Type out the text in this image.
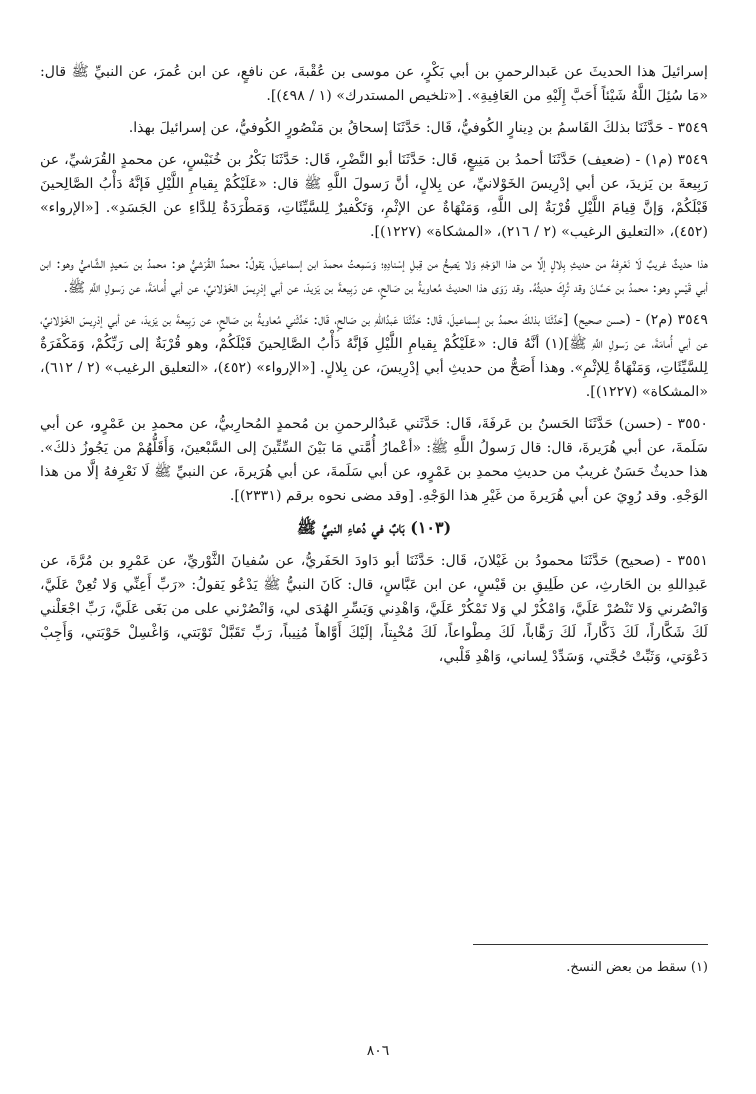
إسرائيلَ هذا الحديثَ عن عَبدالرحمنِ بن أبي بَكْرٍ، عن موسى بن عُقْبةَ، عن نافعٍ، عن ابن عُمرَ، عن النبيِّ ﷺ قال: «مَا سُئِلَ اللَّهُ شَيْئاً أَحَبَّ إِلَيْهِ من العَافِيةِ». [«تلخيص المستدرك» (١ / ٤٩٨)].

٣٥٤٩ - حَدَّثَنَا بذلكَ القَاسمُ بن دِينارٍ الكُوفيُّ، قَال: حَدَّثَنَا إسحاقُ بن مَنْصُورٍ الكُوفيُّ، عن إسرائيلَ بهذا.

٣٥٤٩ (م١) - (ضعيف) حَدَّثَنَا أحمدُ بن مَنِيعٍ، قَال: حَدَّثَنَا أبو النَّضْرِ، قَال: حَدَّثَنَا بَكْرُ بن خُنَيْسٍ، عن محمدٍ القُرَشيِّ، عن رَبِيعةَ بن يَزيدَ، عن أبي إدْرِيسَ الخَوْلانيِّ، عن بِلالٍ، أنَّ رَسولَ اللَّهِ ﷺ قال: «عَلَيْكُمْ بِقيامِ اللَّيْلِ فَإنَّهُ دَأْبُ الصَّالِحينَ قَبْلَكُمْ، وَإنَّ قِيامَ اللَّيْلِ قُرْبَةٌ إلى اللَّهِ، وَمَنْهَاةٌ عن الإثْمِ، وَتَكْفيرٌ لِلسَّيِّئَاتِ، وَمَطْرَدَةٌ لِلدَّاءِ عن الجَسَدِ». [«الإرواء» (٤٥٢)، «التعليق الرغيب» (٢ / ٢١٦)، «المشكاة» (١٢٢٧)].

هذا حديثٌ غريبٌ لَا نَعْرِفهُ من حديثِ بِلالٍ إلَّا من هذا الوَجْهِ وَلا يَصِحُّ من قِبلِ إسْنادِهِ؛ وَسَمِعتُ محمدَ ابن إسماعيلَ، يَقولُ: محمدٌ القُرَشيُّ هو: محمدُ بن سَعيدٍ الشَّاميُّ وهو: ابن أبي قَيْسٍ وهو: محمدُ بن حَسَّانَ وقد تُرِكَ حديثُهُ. وقد رَوَى هذا الحديثَ مُعاويةُ بن صَالحٍ، عن رَبِيعةَ بن يَزيدَ، عن أبي إدْرِيسَ الخَوْلانيِّ، عن أبي أُمامَةَ، عن رَسولِ اللَّهِ ﷺ.

٣٥٤٩ (م٢) - (حسن صحيح) [حَدَّثَنَا بذلكَ محمدُ بن إسماعيلَ، قَال: حَدَّثَنَا عَبدُاللهِ بن صَالحٍ، قَال: حَدَّثَني مُعاويةُ بن صَالحٍ، عن رَبِيعةَ بن يَزيدَ، عن أبي إدْرِيسَ الخَوْلانيِّ، عن أبي أُمامَةَ، عن رَسولِ اللَّهِ ﷺ](١) أنَّهُ قال: «عَلَيْكُمْ بِقيامِ اللَّيْلِ فَإنَّهُ دَأْبُ الصَّالِحينَ قَبْلَكُمْ، وهو قُرْبَةٌ إلى رَبِّكُمْ، وَمَكْفَرَةٌ لِلسَّيِّئَاتِ، وَمَنْهَاةٌ لِلإثْمِ». وهذا أَصَحُّ من حديثِ أبي إدْرِيسَ، عن بِلالٍ. [«الإرواء» (٤٥٢)، «التعليق الرغيب» (٢ / ٦١٢)، «المشكاة» (١٢٢٧)].

٣٥٥٠ - (حسن) حَدَّثَنَا الحَسنُ بن عَرفَةَ، قَال: حَدَّثَني عَبدُالرحمنِ بن مُحمدٍ المُحارِبيُّ، عن محمدِ بن عَمْرٍو، عن أبي سَلَمةَ، عن أبي هُرَيرةَ، قال: قال رَسولُ اللَّهِ ﷺ: «أعْمارُ أُمَّتي مَا بَيْنَ السِّتِّينَ إلى السَّبْعينَ، وَأَقَلُّهُمْ من يَجُوزُ ذلكَ». هذا حديثٌ حَسَنٌ غريبٌ من حديثِ محمدِ بن عَمْرٍو، عن أبي سَلَمةَ، عن أبي هُرَيرةَ، عن النبيِّ ﷺ لَا نَعْرِفهُ إلَّا من هذا الوَجْهِ. وقد رُوِيَ عن أبي هُرَيرةَ من غَيْرِ هذا الوَجْهِ. [وقد مضى نحوه برقم (٢٣٣١)].

(١٠٣) بَابٌ في دُعاءِ النبيِّ ﷺ

٣٥٥١ - (صحيح) حَدَّثَنَا محمودُ بن غَيْلانَ، قَال: حَدَّثَنَا أبو دَاودَ الحَفَريُّ، عن سُفيانَ الثَّوْريِّ، عن عَمْرِو بن مُرَّةَ، عن عَبدِاللهِ بن الحَارثِ، عن طَلِيقِ بن قَيْسٍ، عن ابن عَبَّاسٍ، قال: كَانَ النبيُّ ﷺ يَدْعُو يَقولُ: «رَبِّ أَعِنِّي وَلا تُعِنْ عَلَيَّ، وَانْصُرني وَلا تَنْصُرْ عَلَيَّ، وَامْكُرْ لي وَلا تَمْكُرْ عَلَيَّ، وَاهْدِني وَيَسِّرِ الهُدَى لي، وَانْصُرْني على من بَغَى عَلَيَّ، رَبِّ اجْعَلْني لَكَ شَكَّاراً، لَكَ ذَكَّاراً، لَكَ رَهَّاباً، لَكَ مِطْواعاً، لَكَ مُخْبِتاً، إلَيْكَ أَوَّاهاً مُنِيباً، رَبِّ تَقَبَّلْ تَوْبَتي، وَاغْسِلْ حَوْبَتي، وَأَجِبْ دَعْوَتي، وَثَبِّتْ حُجَّتي، وَسَدِّدْ لِساني، وَاهْدِ قَلْبي،

(١) سقط من بعض النسخ.
٨٠٦
